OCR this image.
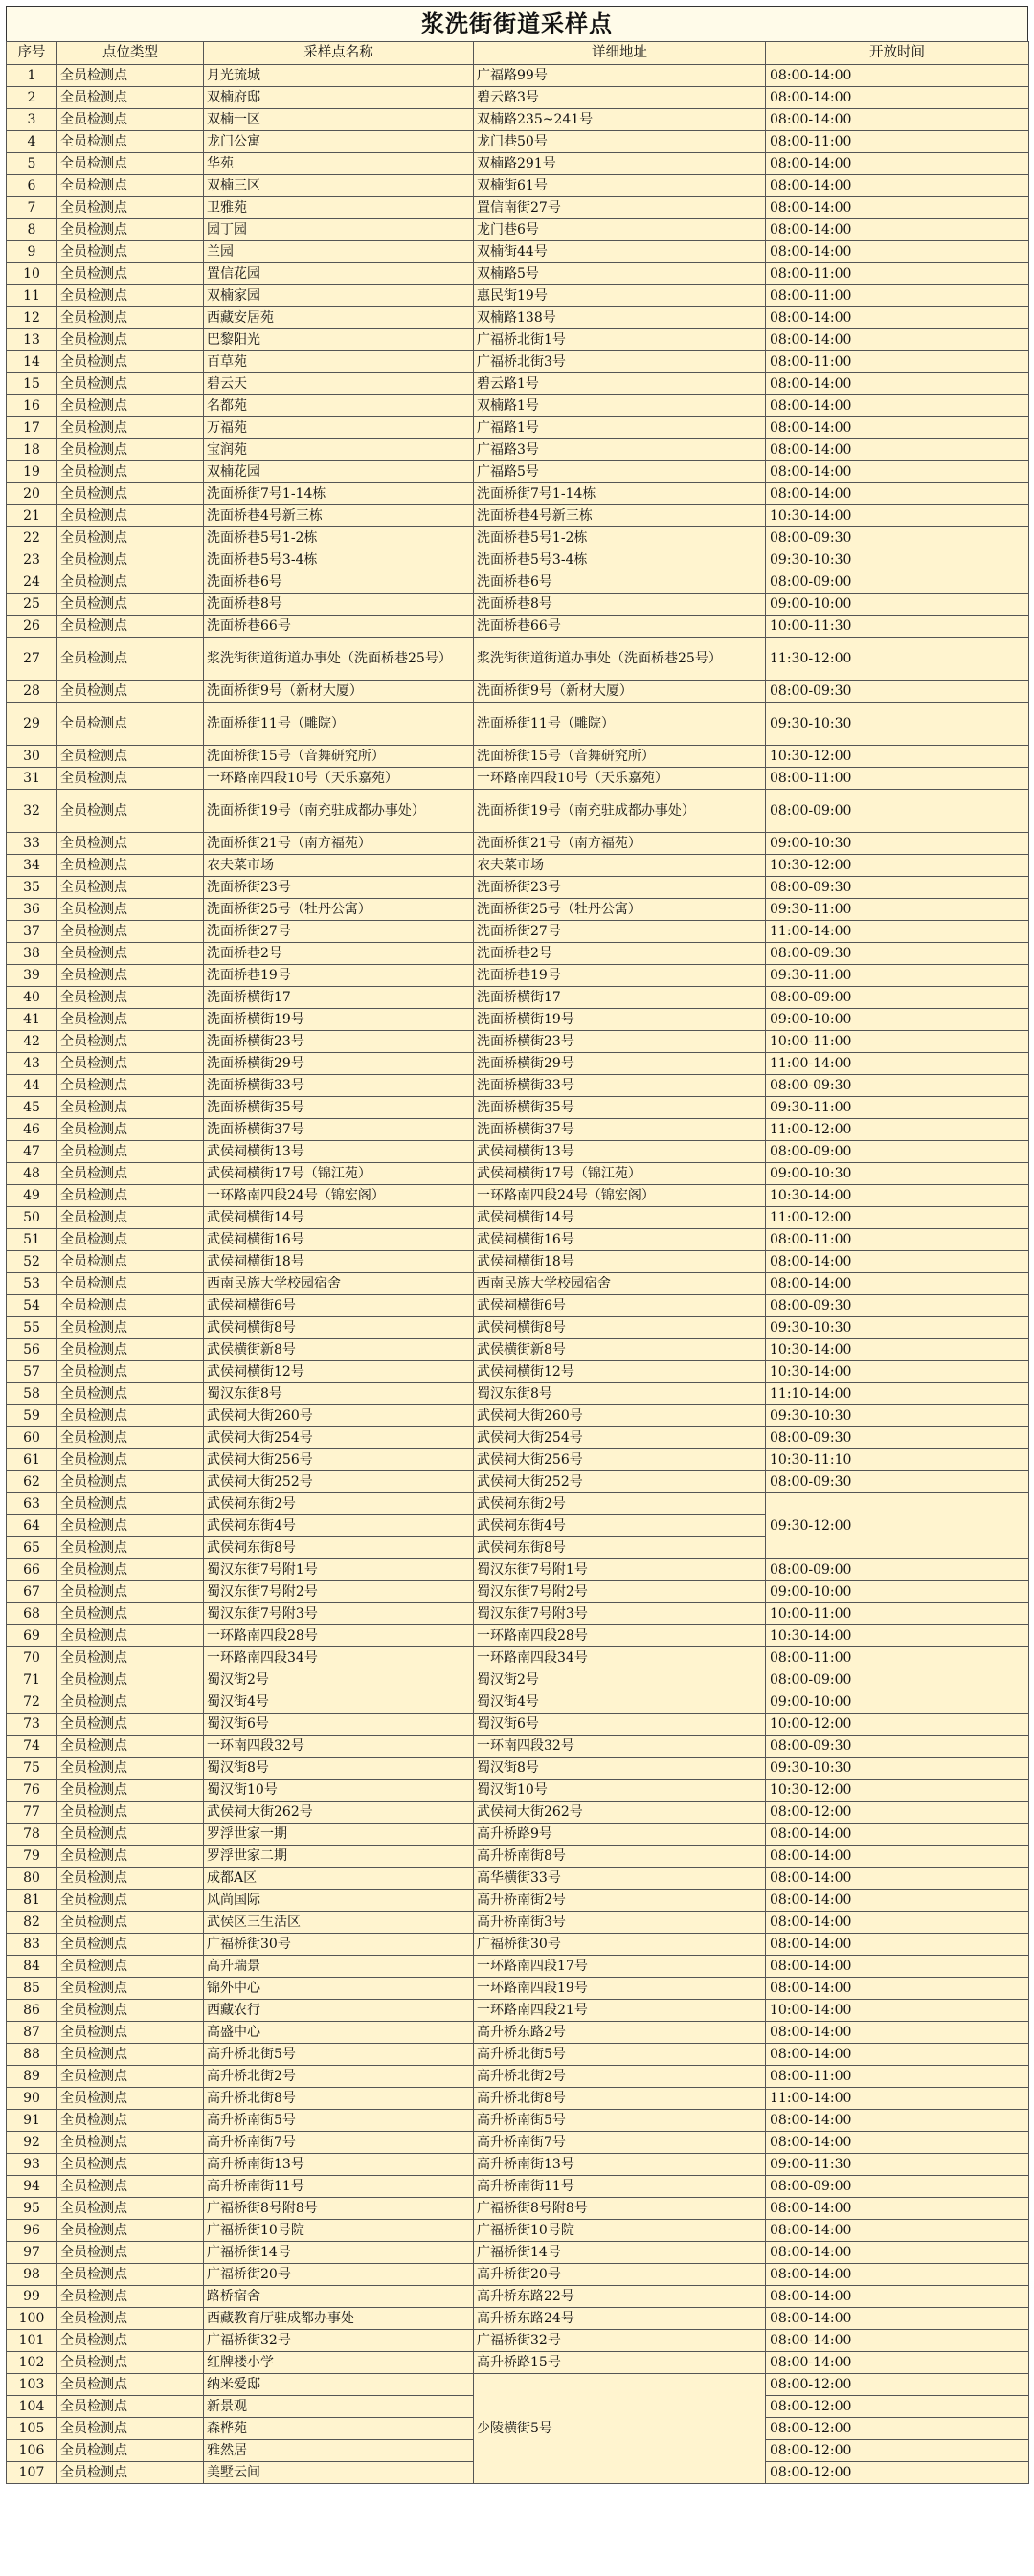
浆洗街街道采样点
序号	点位类型	采样点名称	详细地址	开放时间
1	全员检测点	月光琉城	广福路99号	08:00-14:00
2	全员检测点	双楠府邸	碧云路3号	08:00-14:00
3	全员检测点	双楠一区	双楠路235~241号	08:00-14:00
4	全员检测点	龙门公寓	龙门巷50号	08:00-11:00
5	全员检测点	华苑	双楠路291号	08:00-14:00
6	全员检测点	双楠三区	双楠街61号	08:00-14:00
7	全员检测点	卫雅苑	置信南街27号	08:00-14:00
8	全员检测点	园丁园	龙门巷6号	08:00-14:00
9	全员检测点	兰园	双楠街44号	08:00-14:00
10	全员检测点	置信花园	双楠路5号	08:00-11:00
11	全员检测点	双楠家园	惠民街19号	08:00-11:00
12	全员检测点	西藏安居苑	双楠路138号	08:00-14:00
13	全员检测点	巴黎阳光	广福桥北街1号	08:00-14:00
14	全员检测点	百草苑	广福桥北街3号	08:00-11:00
15	全员检测点	碧云天	碧云路1号	08:00-14:00
16	全员检测点	名都苑	双楠路1号	08:00-14:00
17	全员检测点	万福苑	广福路1号	08:00-14:00
18	全员检测点	宝润苑	广福路3号	08:00-14:00
19	全员检测点	双楠花园	广福路5号	08:00-14:00
20	全员检测点	洗面桥街7号1-14栋	洗面桥街7号1-14栋	08:00-14:00
21	全员检测点	洗面桥巷4号新三栋	洗面桥巷4号新三栋	10:30-14:00
22	全员检测点	洗面桥巷5号1-2栋	洗面桥巷5号1-2栋	08:00-09:30
23	全员检测点	洗面桥巷5号3-4栋	洗面桥巷5号3-4栋	09:30-10:30
24	全员检测点	洗面桥巷6号	洗面桥巷6号	08:00-09:00
25	全员检测点	洗面桥巷8号	洗面桥巷8号	09:00-10:00
26	全员检测点	洗面桥巷66号	洗面桥巷66号	10:00-11:30
27	全员检测点	浆洗街街道街道办事处（洗面桥巷25号）	浆洗街街道街道办事处（洗面桥巷25号）	11:30-12:00
28	全员检测点	洗面桥街9号（新材大厦）	洗面桥街9号（新材大厦）	08:00-09:30
29	全员检测点	洗面桥街11号（雕院）	洗面桥街11号（雕院）	09:30-10:30
30	全员检测点	洗面桥街15号（音舞研究所）	洗面桥街15号（音舞研究所）	10:30-12:00
31	全员检测点	一环路南四段10号（天乐嘉苑）	一环路南四段10号（天乐嘉苑）	08:00-11:00
32	全员检测点	洗面桥街19号（南充驻成都办事处）	洗面桥街19号（南充驻成都办事处）	08:00-09:00
33	全员检测点	洗面桥街21号（南方福苑）	洗面桥街21号（南方福苑）	09:00-10:30
34	全员检测点	农夫菜市场	农夫菜市场	10:30-12:00
35	全员检测点	洗面桥街23号	洗面桥街23号	08:00-09:30
36	全员检测点	洗面桥街25号（牡丹公寓）	洗面桥街25号（牡丹公寓）	09:30-11:00
37	全员检测点	洗面桥街27号	洗面桥街27号	11:00-14:00
38	全员检测点	洗面桥巷2号	洗面桥巷2号	08:00-09:30
39	全员检测点	洗面桥巷19号	洗面桥巷19号	09:30-11:00
40	全员检测点	洗面桥横街17	洗面桥横街17	08:00-09:00
41	全员检测点	洗面桥横街19号	洗面桥横街19号	09:00-10:00
42	全员检测点	洗面桥横街23号	洗面桥横街23号	10:00-11:00
43	全员检测点	洗面桥横街29号	洗面桥横街29号	11:00-14:00
44	全员检测点	洗面桥横街33号	洗面桥横街33号	08:00-09:30
45	全员检测点	洗面桥横街35号	洗面桥横街35号	09:30-11:00
46	全员检测点	洗面桥横街37号	洗面桥横街37号	11:00-12:00
47	全员检测点	武侯祠横街13号	武侯祠横街13号	08:00-09:00
48	全员检测点	武侯祠横街17号（锦江苑）	武侯祠横街17号（锦江苑）	09:00-10:30
49	全员检测点	一环路南四段24号（锦宏阁）	一环路南四段24号（锦宏阁）	10:30-14:00
50	全员检测点	武侯祠横街14号	武侯祠横街14号	11:00-12:00
51	全员检测点	武侯祠横街16号	武侯祠横街16号	08:00-11:00
52	全员检测点	武侯祠横街18号	武侯祠横街18号	08:00-14:00
53	全员检测点	西南民族大学校园宿舍	西南民族大学校园宿舍	08:00-14:00
54	全员检测点	武侯祠横街6号	武侯祠横街6号	08:00-09:30
55	全员检测点	武侯祠横街8号	武侯祠横街8号	09:30-10:30
56	全员检测点	武侯横街新8号	武侯横街新8号	10:30-14:00
57	全员检测点	武侯祠横街12号	武侯祠横街12号	10:30-14:00
58	全员检测点	蜀汉东街8号	蜀汉东街8号	11:10-14:00
59	全员检测点	武侯祠大街260号	武侯祠大街260号	09:30-10:30
60	全员检测点	武侯祠大街254号	武侯祠大街254号	08:00-09:30
61	全员检测点	武侯祠大街256号	武侯祠大街256号	10:30-11:10
62	全员检测点	武侯祠大街252号	武侯祠大街252号	08:00-09:30
63	全员检测点	武侯祠东街2号	武侯祠东街2号	09:30-12:00
64	全员检测点	武侯祠东街4号	武侯祠东街4号	
65	全员检测点	武侯祠东街8号	武侯祠东街8号	
66	全员检测点	蜀汉东街7号附1号	蜀汉东街7号附1号	08:00-09:00
67	全员检测点	蜀汉东街7号附2号	蜀汉东街7号附2号	09:00-10:00
68	全员检测点	蜀汉东街7号附3号	蜀汉东街7号附3号	10:00-11:00
69	全员检测点	一环路南四段28号	一环路南四段28号	10:30-14:00
70	全员检测点	一环路南四段34号	一环路南四段34号	08:00-11:00
71	全员检测点	蜀汉街2号	蜀汉街2号	08:00-09:00
72	全员检测点	蜀汉街4号	蜀汉街4号	09:00-10:00
73	全员检测点	蜀汉街6号	蜀汉街6号	10:00-12:00
74	全员检测点	一环南四段32号	一环南四段32号	08:00-09:30
75	全员检测点	蜀汉街8号	蜀汉街8号	09:30-10:30
76	全员检测点	蜀汉街10号	蜀汉街10号	10:30-12:00
77	全员检测点	武侯祠大街262号	武侯祠大街262号	08:00-12:00
78	全员检测点	罗浮世家一期	高升桥路9号	08:00-14:00
79	全员检测点	罗浮世家二期	高升桥南街8号	08:00-14:00
80	全员检测点	成都A区	高华横街33号	08:00-14:00
81	全员检测点	风尚国际	高升桥南街2号	08:00-14:00
82	全员检测点	武侯区三生活区	高升桥南街3号	08:00-14:00
83	全员检测点	广福桥街30号	广福桥街30号	08:00-14:00
84	全员检测点	高升瑞景	一环路南四段17号	08:00-14:00
85	全员检测点	锦外中心	一环路南四段19号	08:00-14:00
86	全员检测点	西藏农行	一环路南四段21号	10:00-14:00
87	全员检测点	高盛中心	高升桥东路2号	08:00-14:00
88	全员检测点	高升桥北街5号	高升桥北街5号	08:00-14:00
89	全员检测点	高升桥北街2号	高升桥北街2号	08:00-11:00
90	全员检测点	高升桥北街8号	高升桥北街8号	11:00-14:00
91	全员检测点	高升桥南街5号	高升桥南街5号	08:00-14:00
92	全员检测点	高升桥南街7号	高升桥南街7号	08:00-14:00
93	全员检测点	高升桥南街13号	高升桥南街13号	09:00-11:30
94	全员检测点	高升桥南街11号	高升桥南街11号	08:00-09:00
95	全员检测点	广福桥街8号附8号	广福桥街8号附8号	08:00-14:00
96	全员检测点	广福桥街10号院	广福桥街10号院	08:00-14:00
97	全员检测点	广福桥街14号	广福桥街14号	08:00-14:00
98	全员检测点	广福桥街20号	高升桥街20号	08:00-14:00
99	全员检测点	路桥宿舍	高升桥东路22号	08:00-14:00
100	全员检测点	西藏教育厅驻成都办事处	高升桥东路24号	08:00-14:00
101	全员检测点	广福桥街32号	广福桥街32号	08:00-14:00
102	全员检测点	红牌楼小学	高升桥路15号	08:00-14:00
103	全员检测点	纳米爱邸	少陵横街5号	08:00-12:00
104	全员检测点	新景观		08:00-12:00
105	全员检测点	森桦苑		08:00-12:00
106	全员检测点	雅然居		08:00-12:00
107	全员检测点	美墅云间		08:00-12:00
